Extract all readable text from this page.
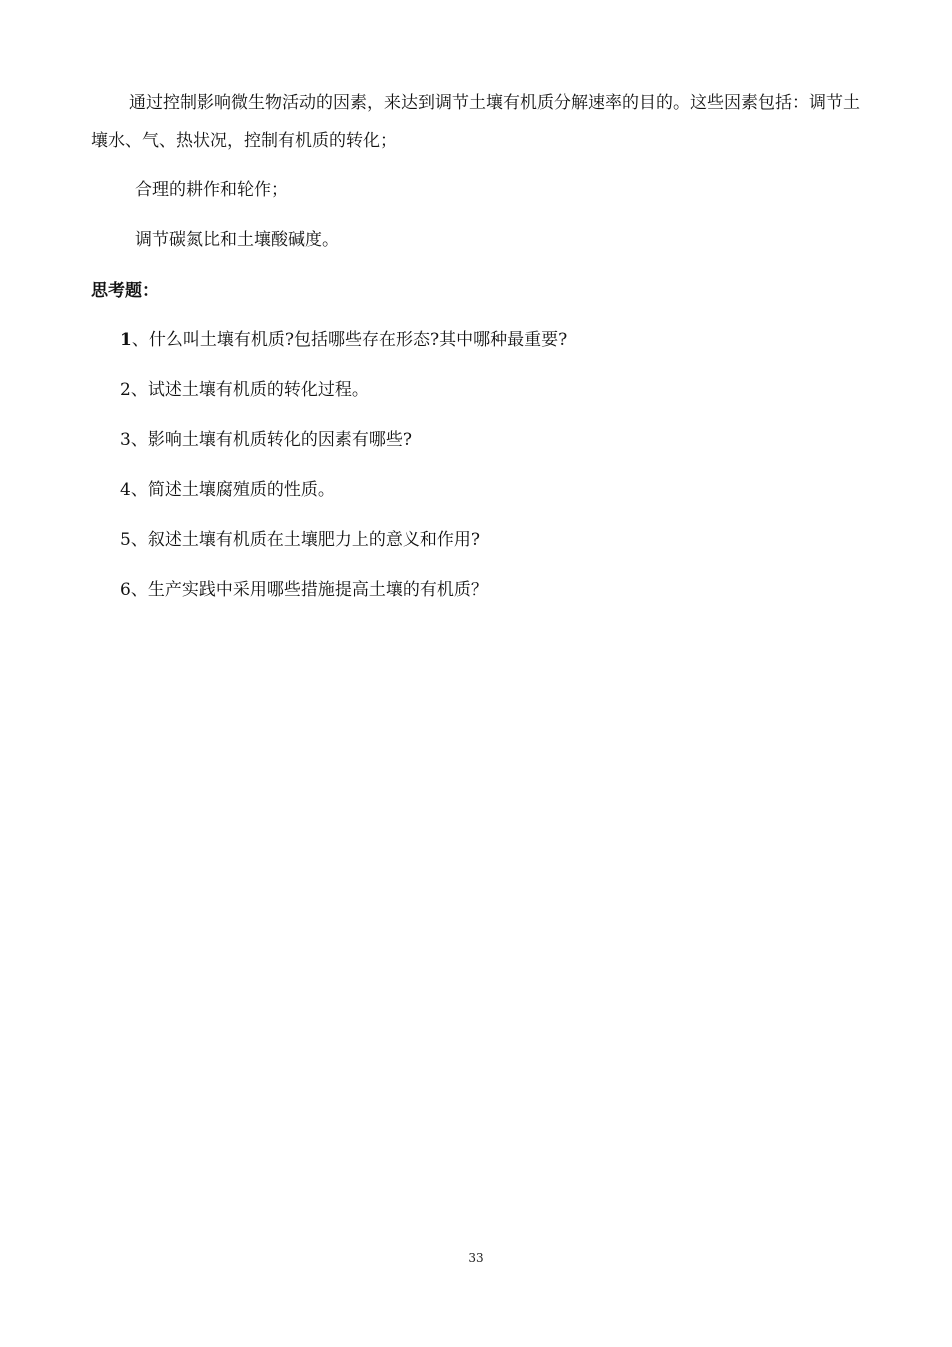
通过控制影响微生物活动的因素，来达到调节土壤有机质分解速率的目的。这些因素包括：调节土壤水、气、热状况，控制有机质的转化；

合理的耕作和轮作；

调节碳氮比和土壤酸碱度。

思考题：
1、什么叫土壤有机质?包括哪些存在形态?其中哪种最重要?
2、试述土壤有机质的转化过程。
3、影响土壤有机质转化的因素有哪些?
4、简述土壤腐殖质的性质。
5、叙述土壤有机质在土壤肥力上的意义和作用?
6、生产实践中采用哪些措施提高土壤的有机质？
33
